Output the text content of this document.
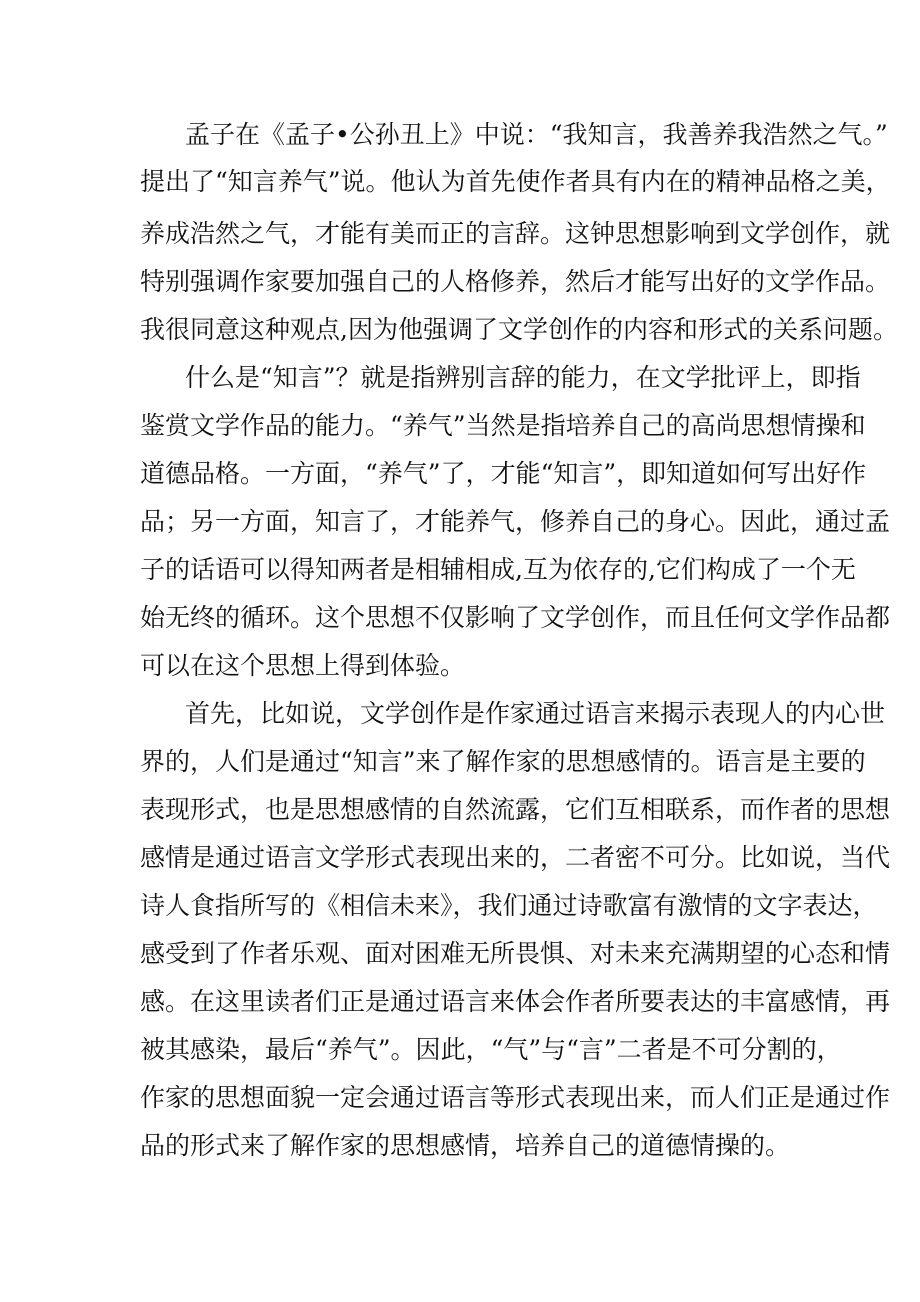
孟子在《孟子•公孙丑上》中说：“我知言，我善养我浩然之气。”
提出了“知言养气”说。他认为首先使作者具有内在的精神品格之美，
养成浩然之气，才能有美而正的言辞。这钟思想影响到文学创作，就
特别强调作家要加强自己的人格修养，然后才能写出好的文学作品。
我很同意这种观点,因为他强调了文学创作的内容和形式的关系问题。
什么是“知言”？就是指辨别言辞的能力，在文学批评上，即指
鉴赏文学作品的能力。“养气”当然是指培养自己的高尚思想情操和
道德品格。一方面，“养气”了，才能“知言”，即知道如何写出好作
品；另一方面，知言了，才能养气，修养自己的身心。因此，通过孟
子的话语可以得知两者是相辅相成,互为依存的,它们构成了一个无
始无终的循环。这个思想不仅影响了文学创作，而且任何文学作品都
可以在这个思想上得到体验。
首先，比如说，文学创作是作家通过语言来揭示表现人的内心世
界的，人们是通过“知言”来了解作家的思想感情的。语言是主要的
表现形式，也是思想感情的自然流露，它们互相联系，而作者的思想
感情是通过语言文学形式表现出来的，二者密不可分。比如说，当代
诗人食指所写的《相信未来》，我们通过诗歌富有激情的文字表达，
感受到了作者乐观、面对困难无所畏惧、对未来充满期望的心态和情
感。在这里读者们正是通过语言来体会作者所要表达的丰富感情，再
被其感染，最后“养气”。因此，“气”与“言”二者是不可分割的，
作家的思想面貌一定会通过语言等形式表现出来，而人们正是通过作
品的形式来了解作家的思想感情，培养自己的道德情操的。
